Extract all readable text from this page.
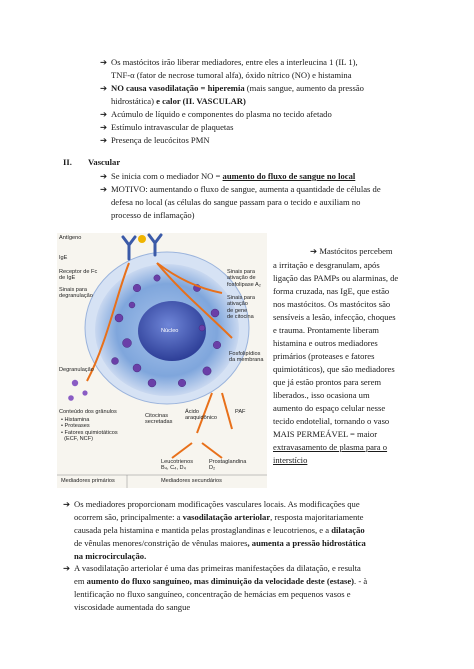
➔ Os mastócitos irão liberar mediadores, entre eles a interleucina 1 (IL 1),
TNF-α (fator de necrose tumoral alfa), óxido nítrico (NO) e histamina
➔ NO causa vasodilatação = hiperemia (mais sangue, aumento da pressão
hidrostática) e calor (II. VASCULAR)
➔ Acúmulo de líquido e componentes do plasma no tecido afetado
➔ Estímulo intravascular de plaquetas
➔ Presença de leucócitos PMN
II. Vascular
➔ Se inicia com o mediador NO = aumento do fluxo de sangue no local
➔ MOTIVO: aumentando o fluxo de sangue, aumenta a quantidade de células de
defesa no local (as células do sangue passam para o tecido e auxiliam no
processo de inflamação)
Antígeno
IgE
Receptor de Fc
de IgE
Sinais para
degranulação
Sinais para
ativação de
fosfolipase A₂
Sinais para
ativação
de gene
de citocina
Núcleo
Degranulação
Fosfolipídios
da membrana
Conteúdo dos grânulos
• Histamina
• Proteases
• Fatores quimiotáticos
(ECF, NCF)
Citocinas
secretadas
Ácido
araquidônico
PAF
Leucotrienos
B₄, C₄, D₄
Prostaglandina
D₂
Mediadores primários	Mediadores secundários
➔ Mastócitos percebem
a irritação e desgranulam, após
ligação das PAMPs ou alarminas, de
forma cruzada, nas IgE, que estão
nos mastócitos. Os mastócitos são
sensíveis a lesão, infecção, choques
e trauma. Prontamente liberam
histamina e outros mediadores
primários (proteases e fatores
quimiotáticos), que são mediadores
que já estão prontos para serem
liberados., isso ocasiona um
aumento do espaço celular nesse
tecido endotelial, tornando o vaso
MAIS PERMEÁVEL = maior
extravasamento de plasma para o
interstício
➔ Os mediadores proporcionam modificações vasculares locais. As modificações que
ocorrem são, principalmente: a vasodilatação arteriolar, resposta majoritariamente
causada pela histamina e mantida pelas prostaglandinas e leucotrienos, e a dilatação
de vênulas menores/constrição de vênulas maiores, aumenta a pressão hidrostática
na microcirculação.
➔ A vasodilatação arteriolar é uma das primeiras manifestações da dilatação, e resulta
em aumento do fluxo sanguíneo, mas diminuição da velocidade deste (estase). - à
lentificação no fluxo sanguíneo, concentração de hemácias em pequenos vasos e
viscosidade aumentada do sangue
